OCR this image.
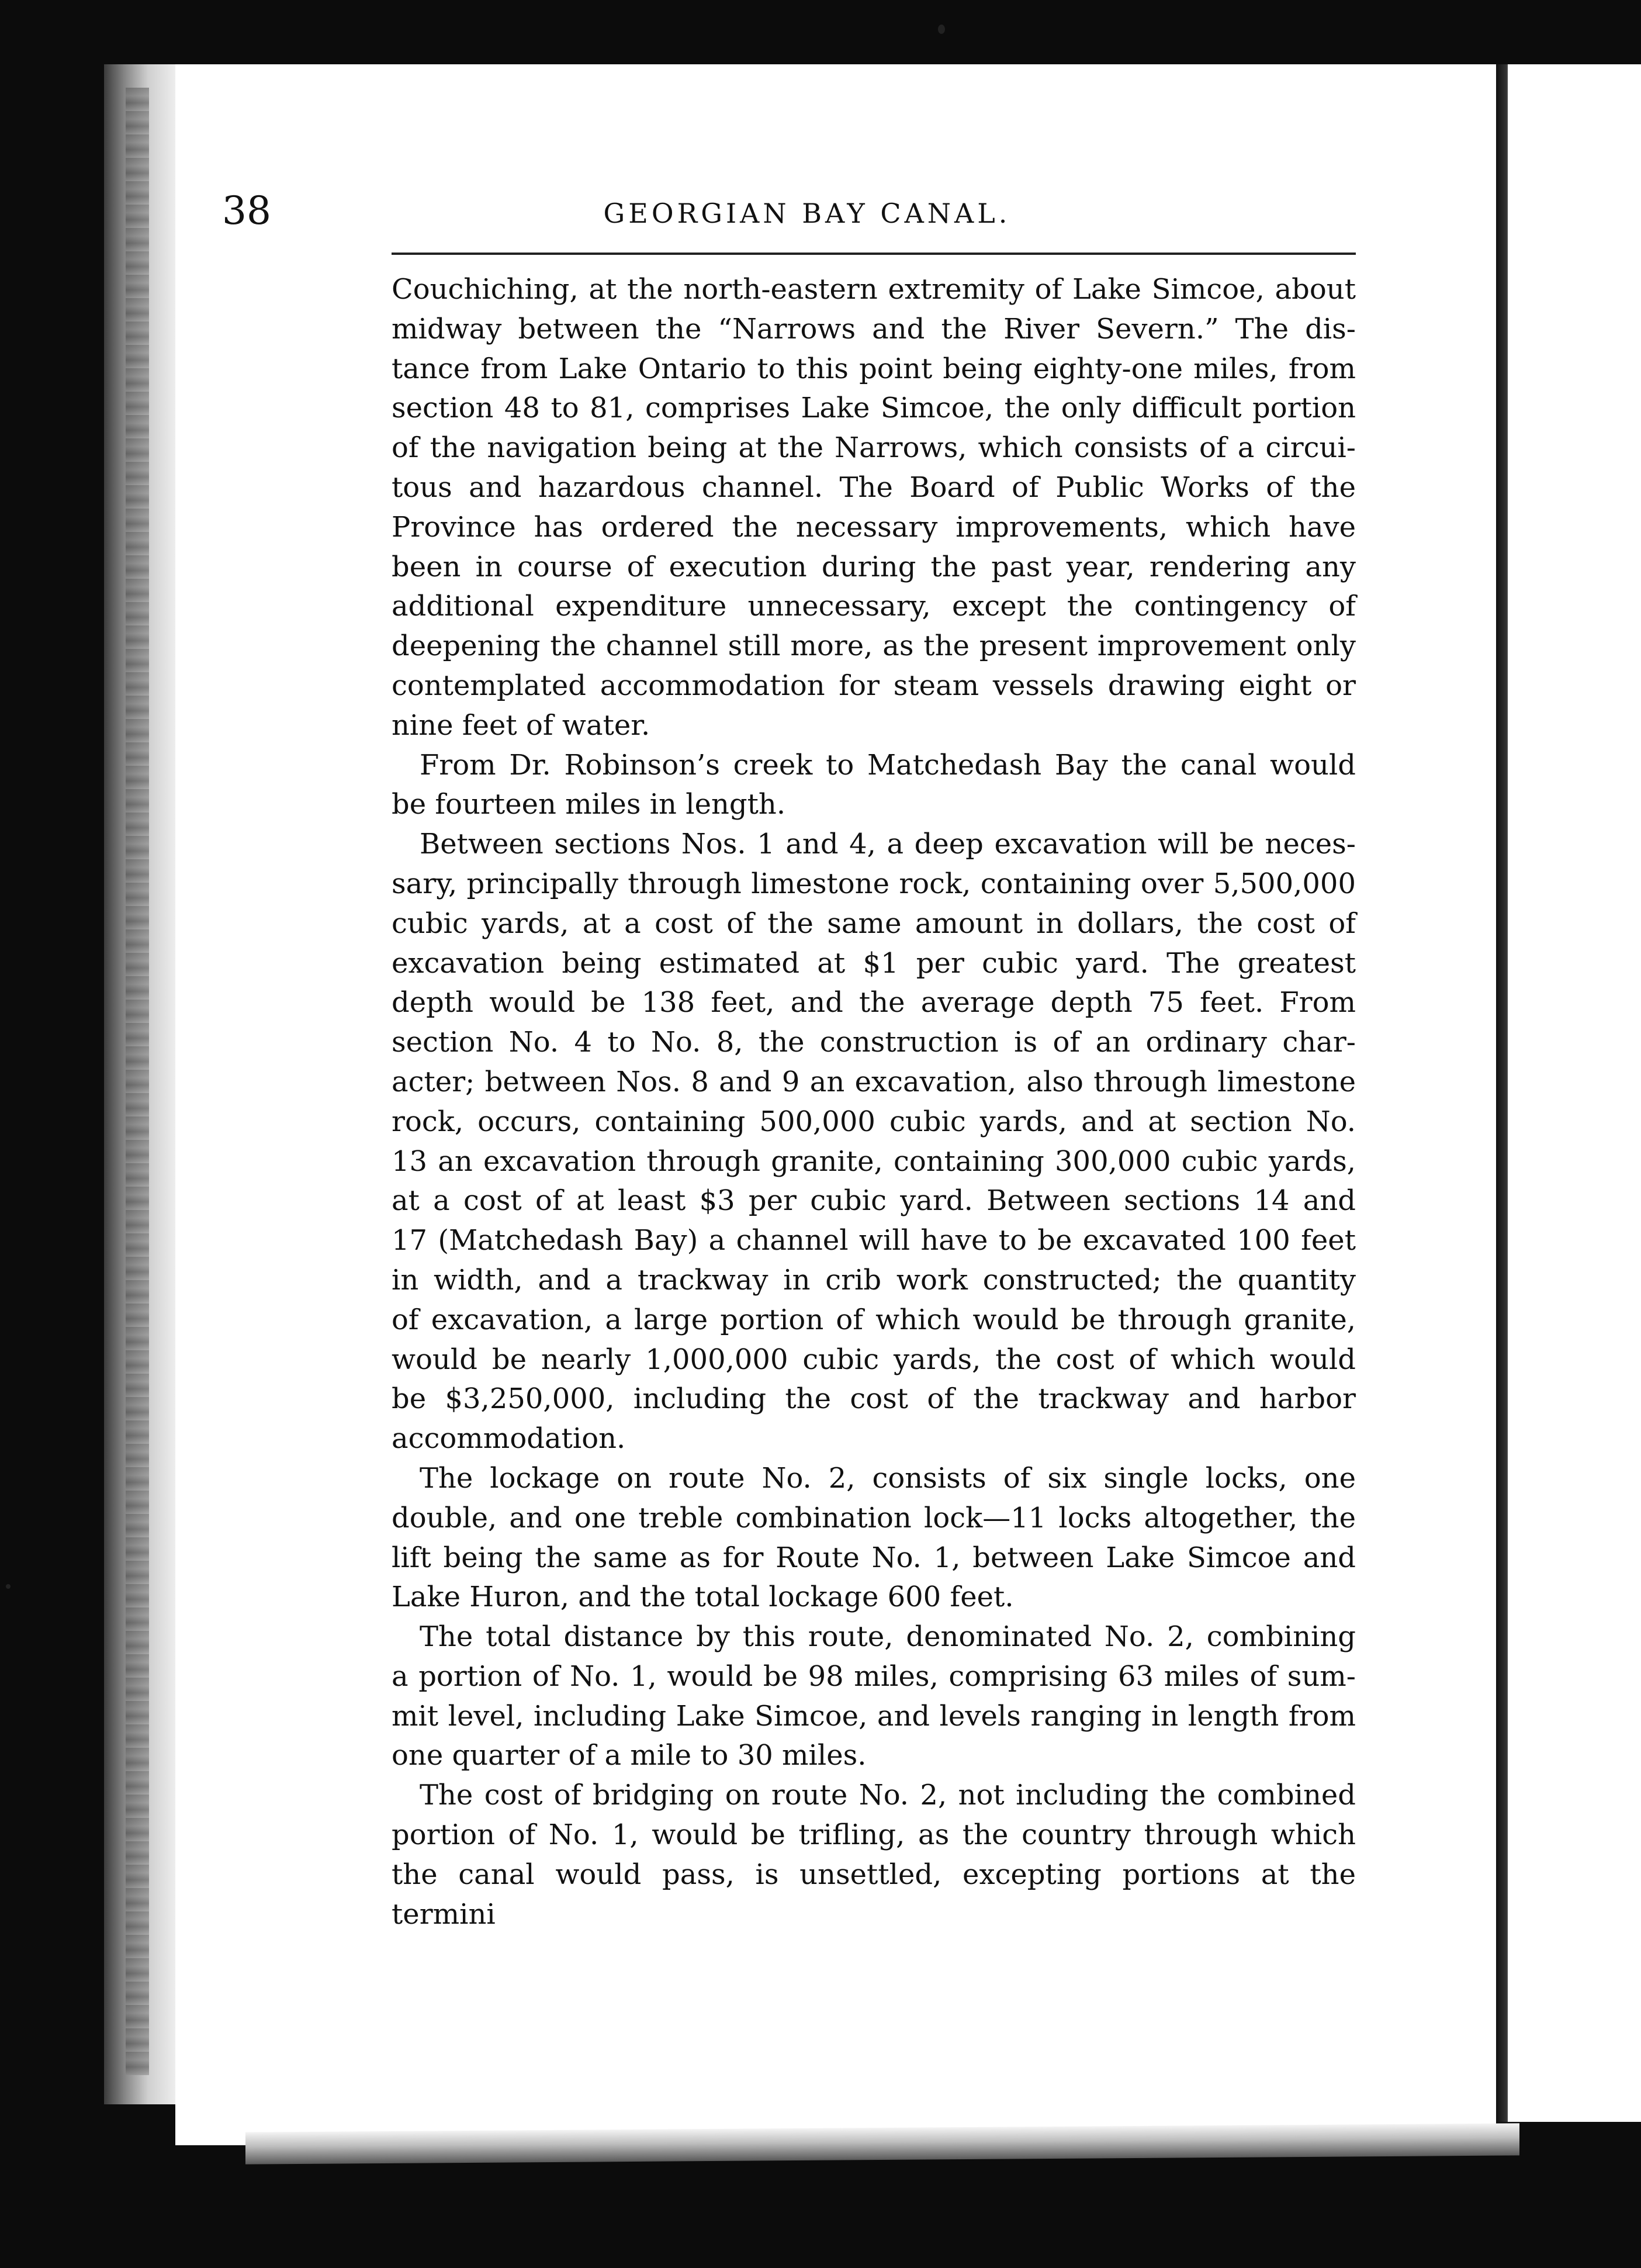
38	GEORGIAN BAY CANAL.

Couchiching, at the north-eastern extremity of Lake Simcoe, about

midway between the “Narrows and the River Severn.” The dis-

tance from Lake Ontario to this point being eighty-one miles, from

section 48 to 81, comprises Lake Simcoe, the only difficult portion

of the navigation being at the Narrows, which consists of a circui-

tous and hazardous channel. The Board of Public Works of the

Province has ordered the necessary improvements, which have

been in course of execution during the past year, rendering any

additional expenditure unnecessary, except the contingency of

deepening the channel still more, as the present improvement only

contemplated accommodation for steam vessels drawing eight or

nine feet of water.

From Dr. Robinson’s creek to Matchedash Bay the canal would

be fourteen miles in length.

Between sections Nos. 1 and 4, a deep excavation will be neces-

sary, principally through limestone rock, containing over 5,500,000

cubic yards, at a cost of the same amount in dollars, the cost of

excavation being estimated at $1 per cubic yard. The greatest

depth would be 138 feet, and the average depth 75 feet. From

section No. 4 to No. 8, the construction is of an ordinary char-

acter; between Nos. 8 and 9 an excavation, also through limestone

rock, occurs, containing 500,000 cubic yards, and at section No.

13 an excavation through granite, containing 300,000 cubic yards,

at a cost of at least $3 per cubic yard. Between sections 14 and

17 (Matchedash Bay) a channel will have to be excavated 100 feet

in width, and a trackway in crib work constructed; the quantity

of excavation, a large portion of which would be through granite,

would be nearly 1,000,000 cubic yards, the cost of which would

be $3,250,000, including the cost of the trackway and harbor

accommodation.

The lockage on route No. 2, consists of six single locks, one

double, and one treble combination lock—11 locks altogether, the

lift being the same as for Route No. 1, between Lake Simcoe and

Lake Huron, and the total lockage 600 feet.

The total distance by this route, denominated No. 2, combining

a portion of No. 1, would be 98 miles, comprising 63 miles of sum-

mit level, including Lake Simcoe, and levels ranging in length from

one quarter of a mile to 30 miles.

The cost of bridging on route No. 2, not including the combined

portion of No. 1, would be trifling, as the country through which

the canal would pass, is unsettled, excepting portions at the termini
